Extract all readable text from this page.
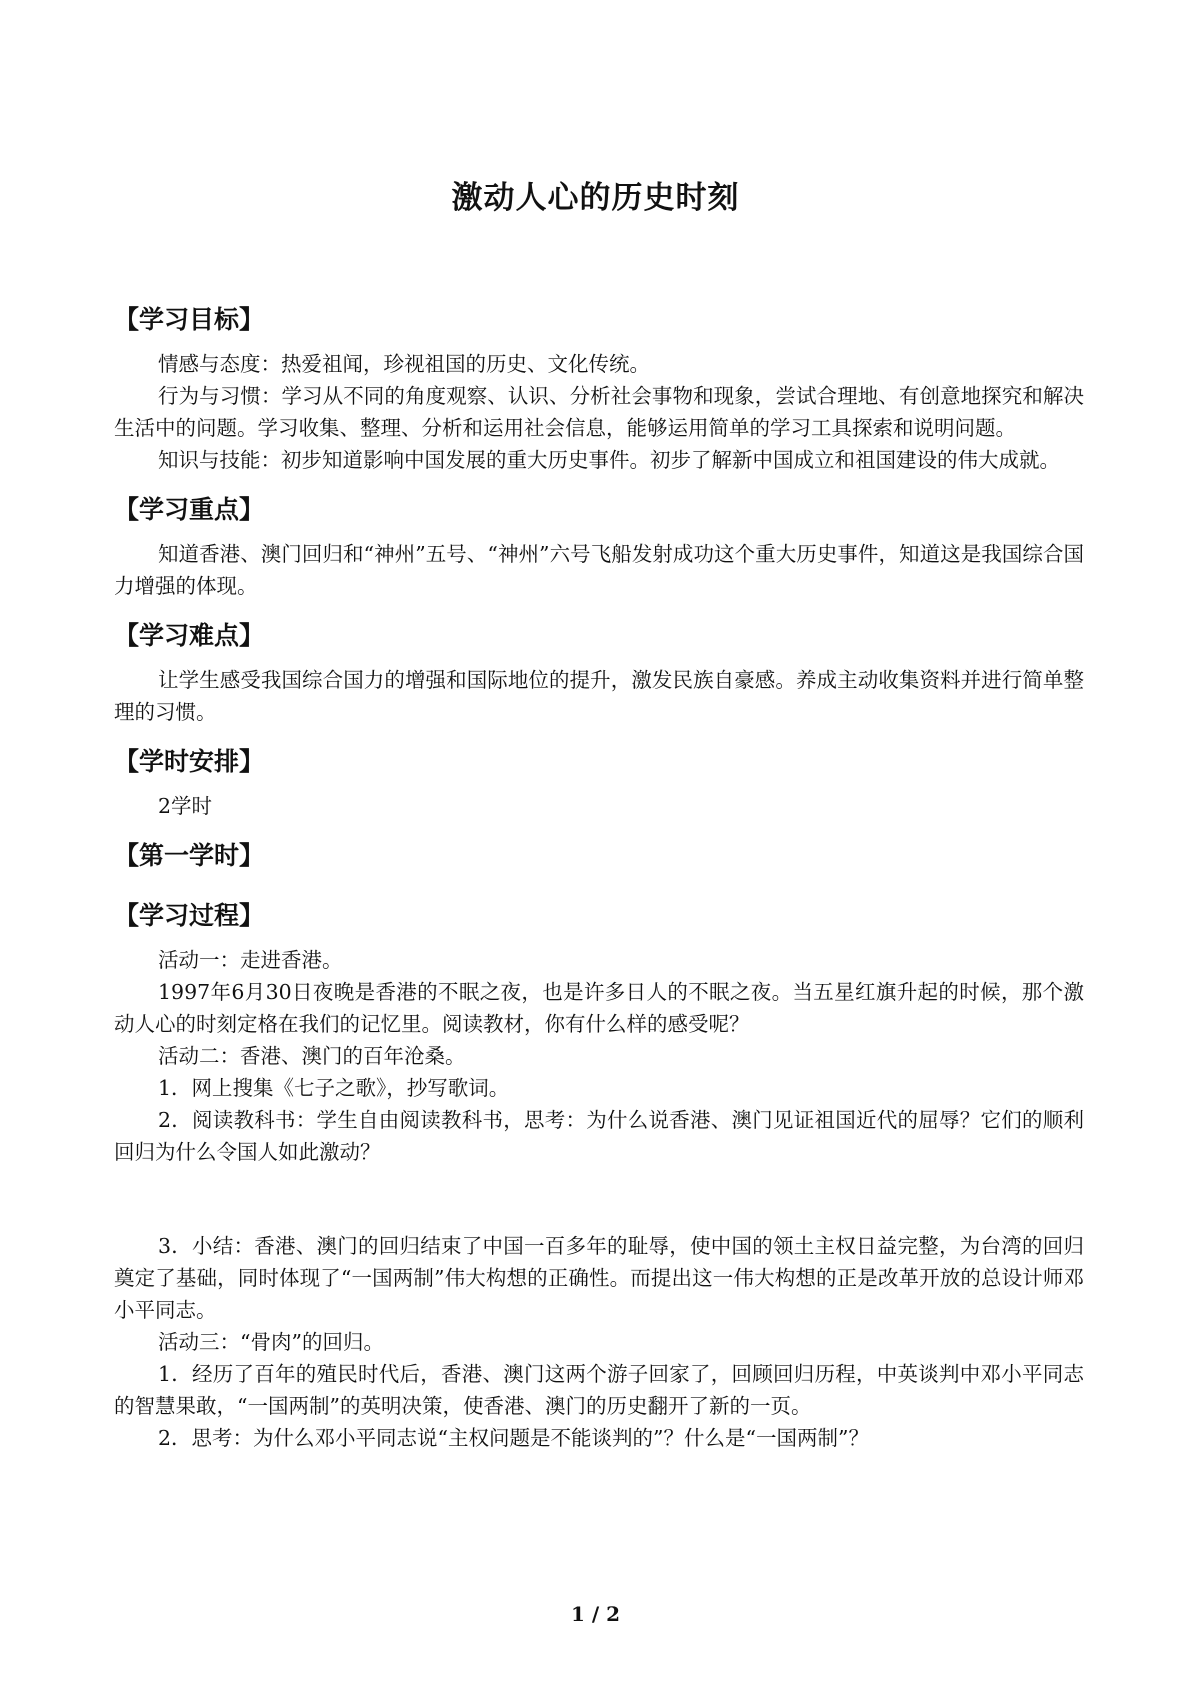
激动人心的历史时刻

【学习目标】

情感与态度：热爱祖闻，珍视祖国的历史、文化传统。

行为与习惯：学习从不同的角度观察、认识、分析社会事物和现象，尝试合理地、有创意地探究和解决生活中的问题。学习收集、整理、分析和运用社会信息，能够运用简单的学习工具探索和说明问题。

知识与技能：初步知道影响中国发展的重大历史事件。初步了解新中国成立和祖国建设的伟大成就。

【学习重点】

知道香港、澳门回归和“神州”五号、“神州”六号飞船发射成功这个重大历史事件，知道这是我国综合国力增强的体现。

【学习难点】

让学生感受我国综合国力的增强和国际地位的提升，激发民族自豪感。养成主动收集资料并进行简单整理的习惯。

【学时安排】

2学时

【第一学时】

【学习过程】

活动一：走进香港。

1997年6月30日夜晚是香港的不眠之夜，也是许多日人的不眠之夜。当五星红旗升起的时候，那个激动人心的时刻定格在我们的记忆里。阅读教材，你有什么样的感受呢？

活动二：香港、澳门的百年沧桑。

1．网上搜集《七子之歌》，抄写歌词。

2．阅读教科书：学生自由阅读教科书，思考：为什么说香港、澳门见证祖国近代的屈辱？它们的顺利回归为什么令国人如此激动？

3．小结：香港、澳门的回归结束了中国一百多年的耻辱，使中国的领土主权日益完整，为台湾的回归奠定了基础，同时体现了“一国两制”伟大构想的正确性。而提出这一伟大构想的正是改革开放的总设计师邓小平同志。

活动三：“骨肉”的回归。

1．经历了百年的殖民时代后，香港、澳门这两个游子回家了，回顾回归历程，中英谈判中邓小平同志的智慧果敢，“一国两制”的英明决策，使香港、澳门的历史翻开了新的一页。

2．思考：为什么邓小平同志说“主权问题是不能谈判的”？什么是“一国两制”？

1 / 2
